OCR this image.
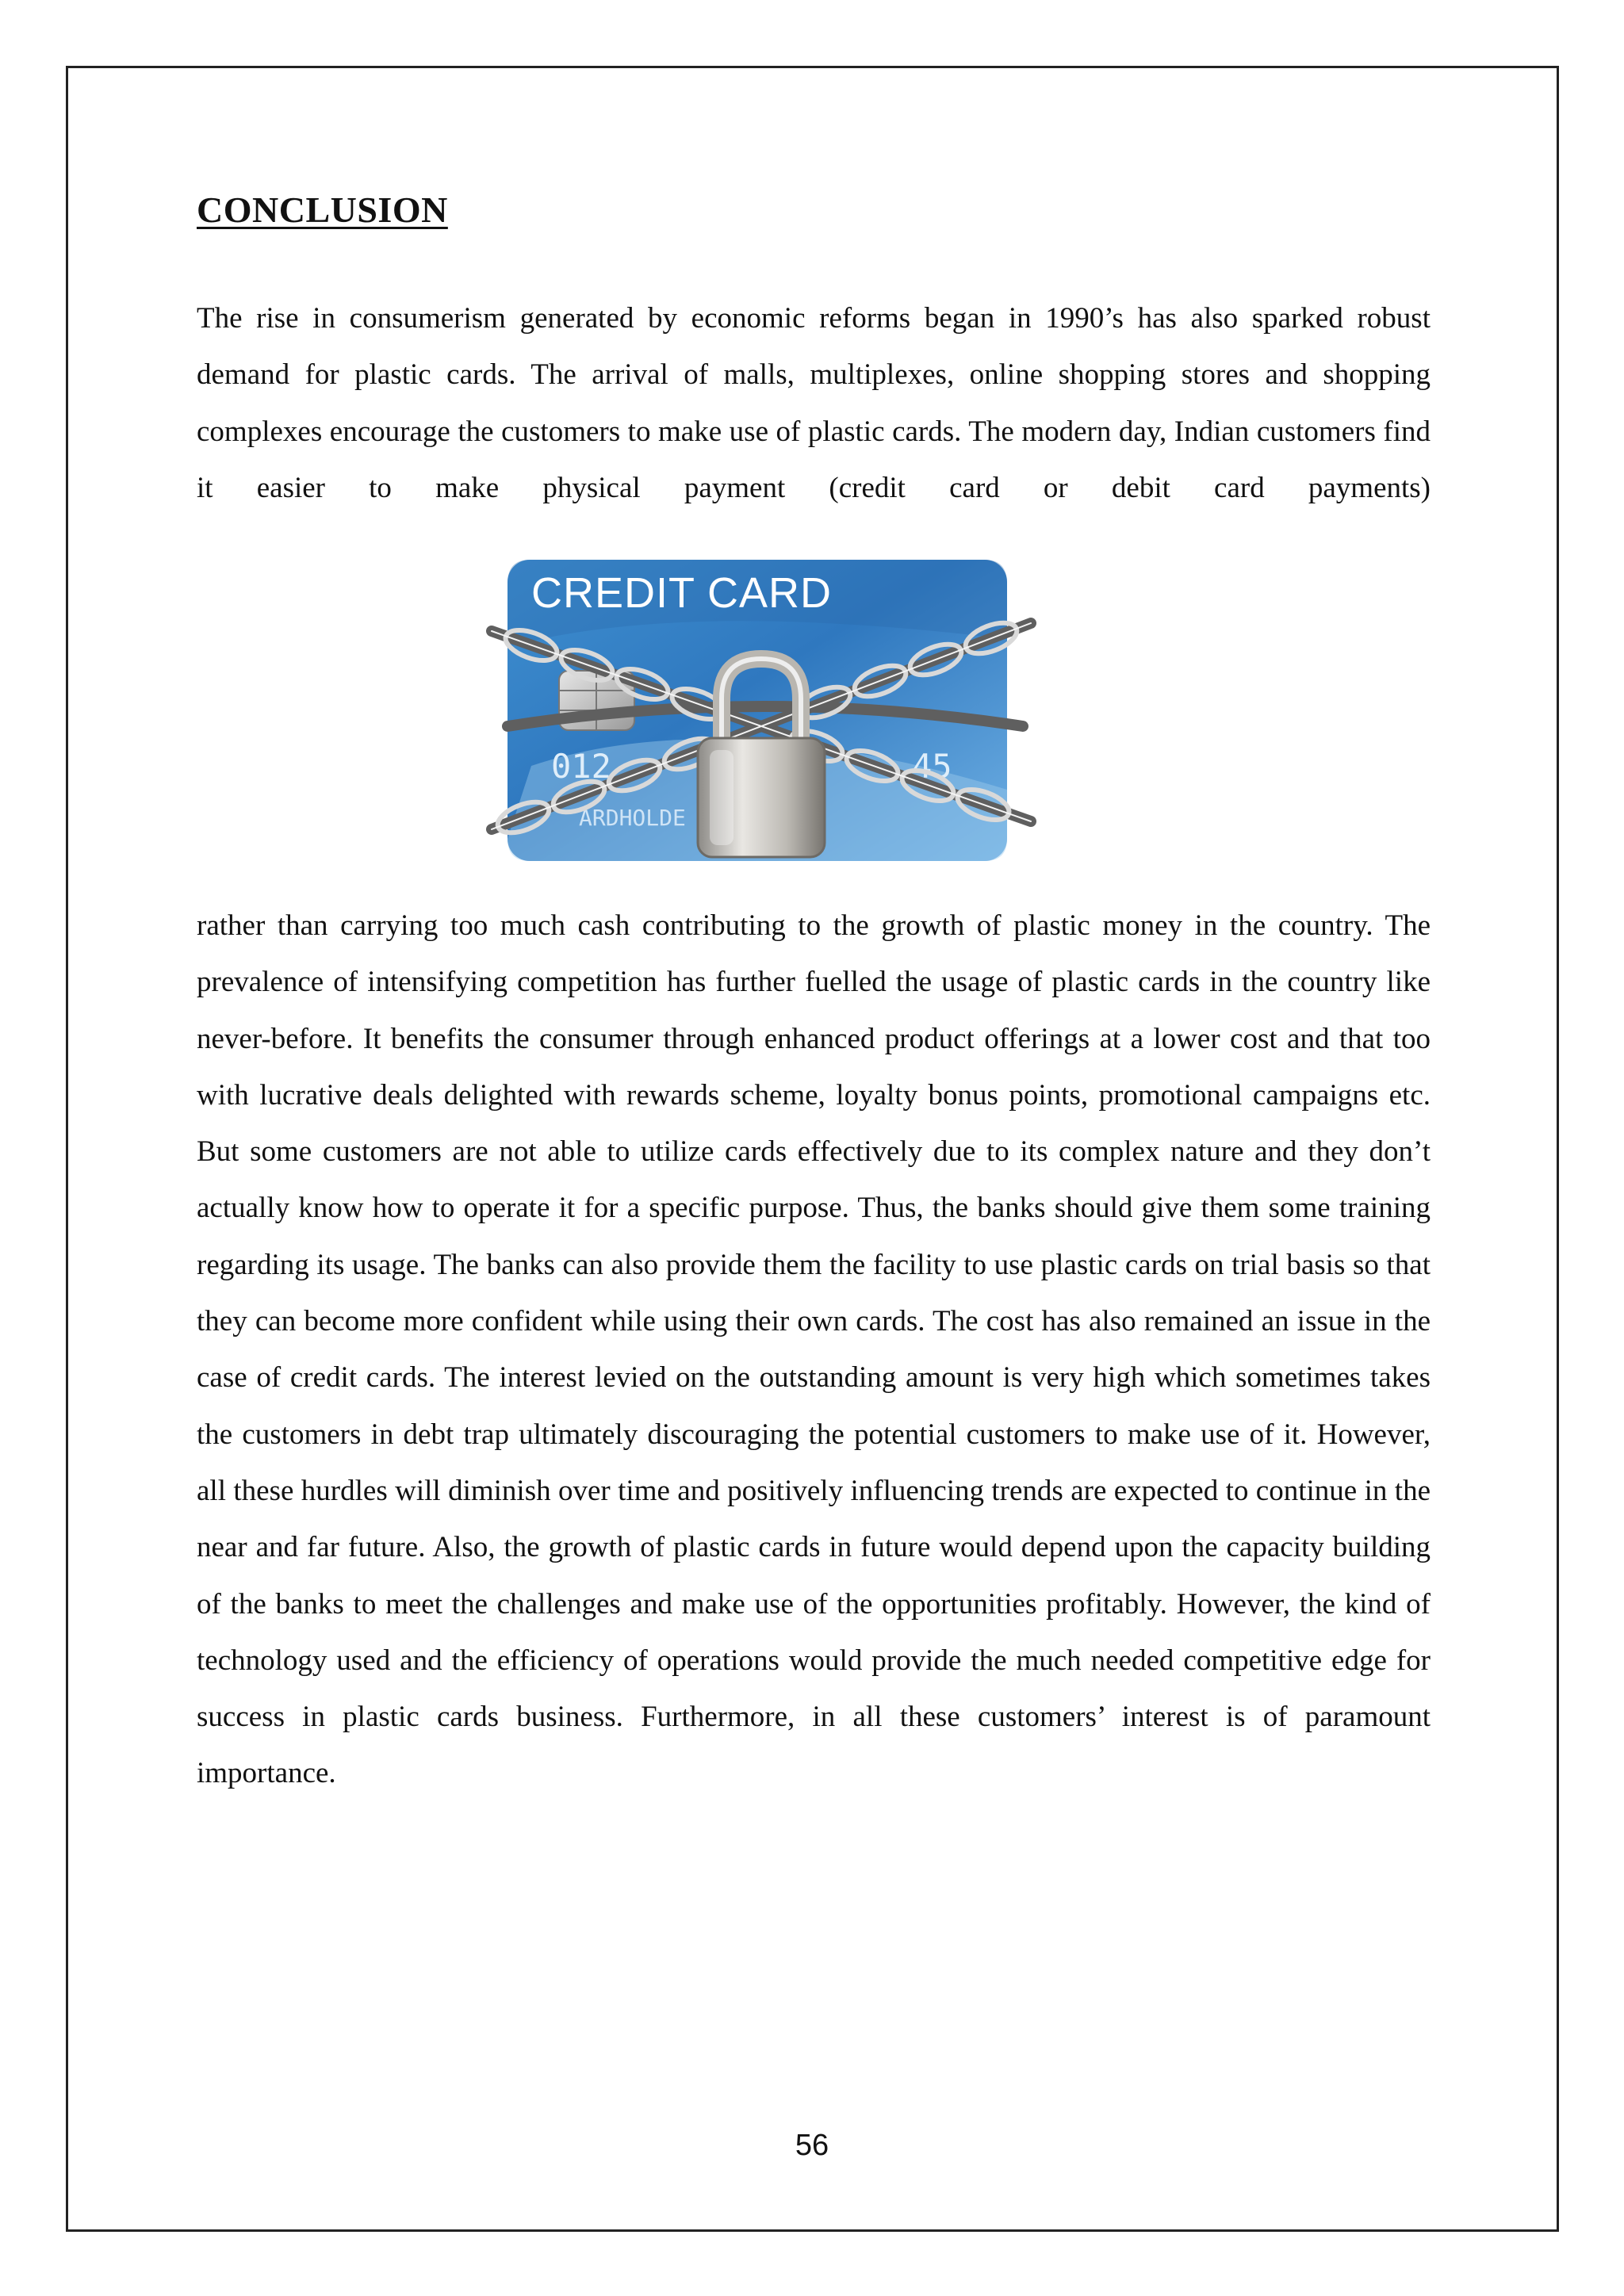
CONCLUSION

The rise in consumerism generated by economic reforms began in 1990’s has also sparked robust demand for plastic cards. The arrival of malls, multiplexes, online shopping stores and shopping complexes encourage the customers to make use of plastic cards. The modern day, Indian customers find it easier to make physical payment (credit card or debit card payments)

CREDIT CARD
012	45
ARDHOLDE

rather than carrying too much cash contributing to the growth of plastic money in the country. The prevalence of intensifying competition has further fuelled the usage of plastic cards in the country like never-before. It benefits the consumer through enhanced product offerings at a lower cost and that too with lucrative deals delighted with rewards scheme, loyalty bonus points, promotional campaigns etc. But some customers are not able to utilize cards effectively due to its complex nature and they don’t actually know how to operate it for a specific purpose. Thus, the banks should give them some training regarding its usage. The banks can also provide them the facility to use plastic cards on trial basis so that they can become more confident while using their own cards. The cost has also remained an issue in the case of credit cards. The interest levied on the outstanding amount is very high which sometimes takes the customers in debt trap ultimately discouraging the potential customers to make use of it. However, all these hurdles will diminish over time and positively influencing trends are expected to continue in the near and far future. Also, the growth of plastic cards in future would depend upon the capacity building of the banks to meet the challenges and make use of the opportunities profitably. However, the kind of technology used and the efficiency of operations would provide the much needed competitive edge for success in plastic cards business. Furthermore, in all these customers’ interest is of paramount importance.

56
